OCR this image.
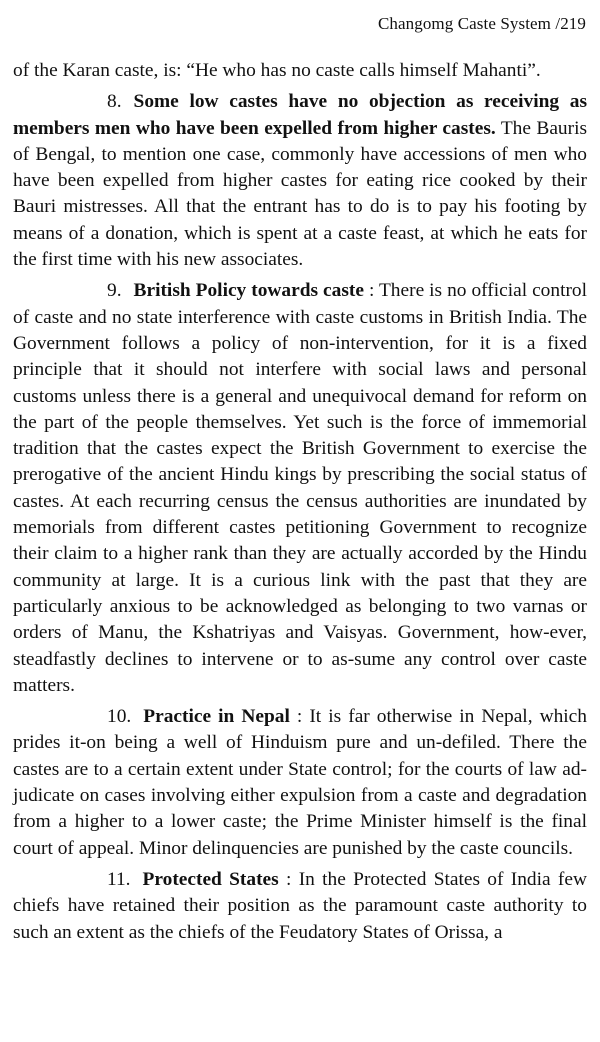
Changomg Caste System /219

of the Karan caste, is: “He who has no caste calls himself Mahanti”.

8. Some low castes have no objection as receiving as members men who have been expelled from higher castes. The Bauris of Bengal, to mention one case, commonly have accessions of men who have been expelled from higher castes for eating rice cooked by their Bauri mistresses. All that the entrant has to do is to pay his footing by means of a donation, which is spent at a caste feast, at which he eats for the first time with his new associates.

9. British Policy towards caste : There is no official control of caste and no state interference with caste customs in British India. The Government follows a policy of non-intervention, for it is a fixed principle that it should not interfere with social laws and personal customs unless there is a general and unequivocal demand for reform on the part of the people themselves. Yet such is the force of immemorial tradition that the castes expect the British Government to exercise the prerogative of the ancient Hindu kings by prescribing the social status of castes. At each recurring census the census authorities are inundated by memorials from different castes petitioning Government to recognize their claim to a higher rank than they are actually accorded by the Hindu community at large. It is a curious link with the past that they are particularly anxious to be acknowledged as belonging to two varnas or orders of Manu, the Kshatriyas and Vaisyas. Government, how-ever, steadfastly declines to intervene or to as-sume any control over caste matters.

10. Practice in Nepal : It is far otherwise in Nepal, which prides it-on being a well of Hinduism pure and un-defiled. There the castes are to a certain extent under State control; for the courts of law ad-judicate on cases involving either expulsion from a caste and degradation from a higher to a lower caste; the Prime Minister himself is the final court of appeal. Minor delinquencies are punished by the caste councils.

11. Protected States : In the Protected States of India few chiefs have retained their position as the paramount caste authority to such an extent as the chiefs of the Feudatory States of Orissa, a
